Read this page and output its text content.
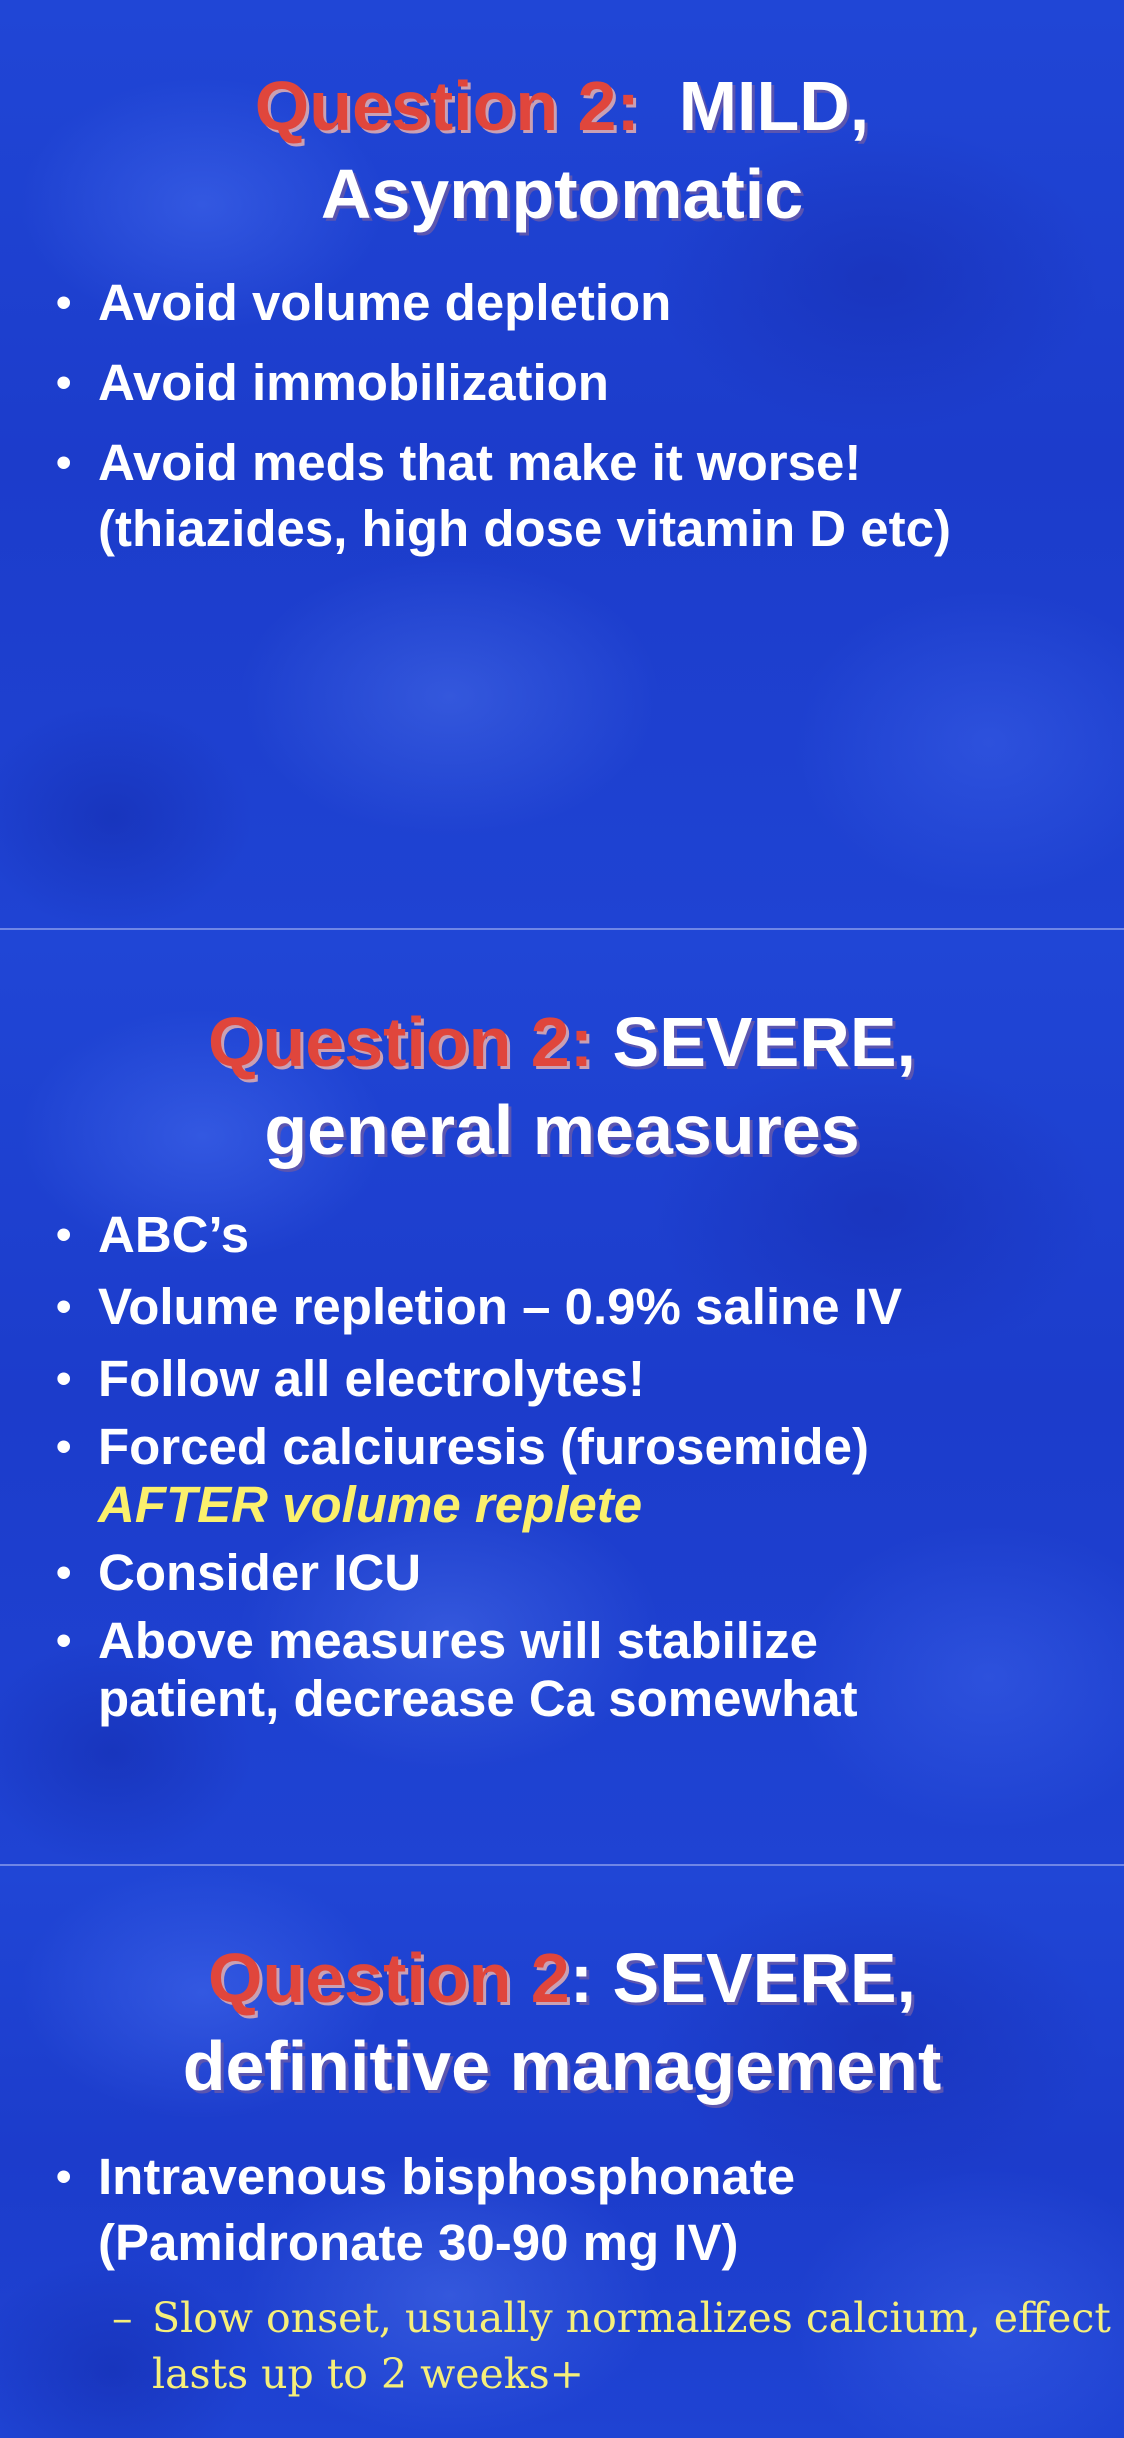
Question 2: MILD,
Asymptomatic
• Avoid volume depletion
• Avoid immobilization
• Avoid meds that make it worse!
(thiazides, high dose vitamin D etc)
Question 2: SEVERE,
general measures
• ABC’s
• Volume repletion – 0.9% saline IV
• Follow all electrolytes!
• Forced calciuresis (furosemide)
AFTER volume replete
• Consider ICU
• Above measures will stabilize
patient, decrease Ca somewhat
Question 2: SEVERE,
definitive management
• Intravenous bisphosphonate
(Pamidronate 30-90 mg IV)
– Slow onset, usually normalizes calcium, effect
lasts up to 2 weeks+
